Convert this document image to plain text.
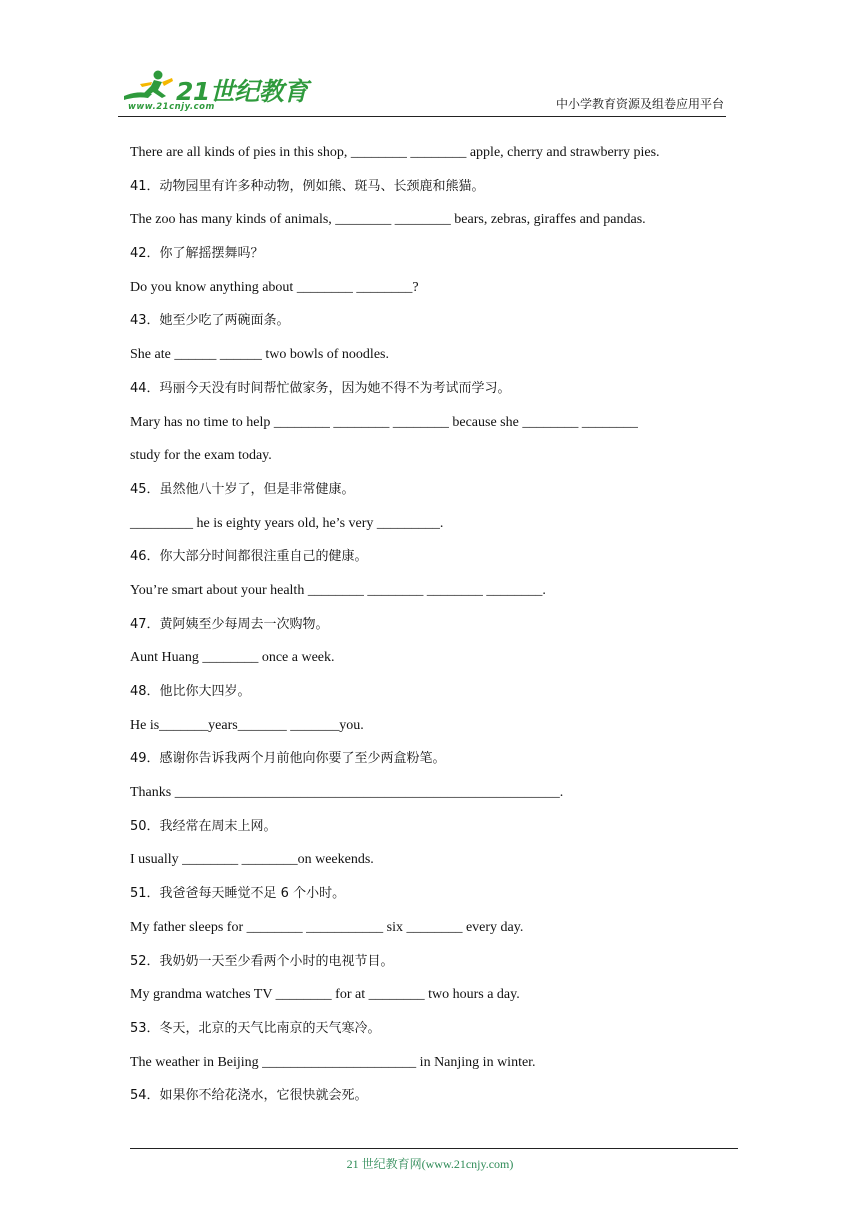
21世纪教育
www.21cnjy.com	中小学教育资源及组卷应用平台
There are all kinds of pies in this shop, ________ ________ apple, cherry and strawberry pies.
41．动物园里有许多种动物，例如熊、斑马、长颈鹿和熊猫。
The zoo has many kinds of animals, ________ ________ bears, zebras, giraffes and pandas.
42．你了解摇摆舞吗？
Do you know anything about ________ ________?
43．她至少吃了两碗面条。
She ate ______ ______ two bowls of noodles.
44．玛丽今天没有时间帮忙做家务，因为她不得不为考试而学习。
Mary has no time to help ________ ________ ________ because she ________ ________
study for the exam today.
45．虽然他八十岁了，但是非常健康。
_________ he is eighty years old, he’s very _________.
46．你大部分时间都很注重自己的健康。
You’re smart about your health ________ ________ ________ ________.
47．黄阿姨至少每周去一次购物。
Aunt Huang ________ once a week.
48．他比你大四岁。
He is_______years_______ _______you.
49．感谢你告诉我两个月前他向你要了至少两盒粉笔。
Thanks _______________________________________________________.
50．我经常在周末上网。
I usually ________ ________on weekends.
51．我爸爸每天睡觉不足 6 个小时。
My father sleeps for ________ ___________ six ________ every day.
52．我奶奶一天至少看两个小时的电视节目。
My grandma watches TV ________ for at ________ two hours a day.
53．冬天，北京的天气比南京的天气寒冷。
The weather in Beijing ______________________ in Nanjing in winter.
54．如果你不给花浇水，它很快就会死。
21 世纪教育网(www.21cnjy.com)
